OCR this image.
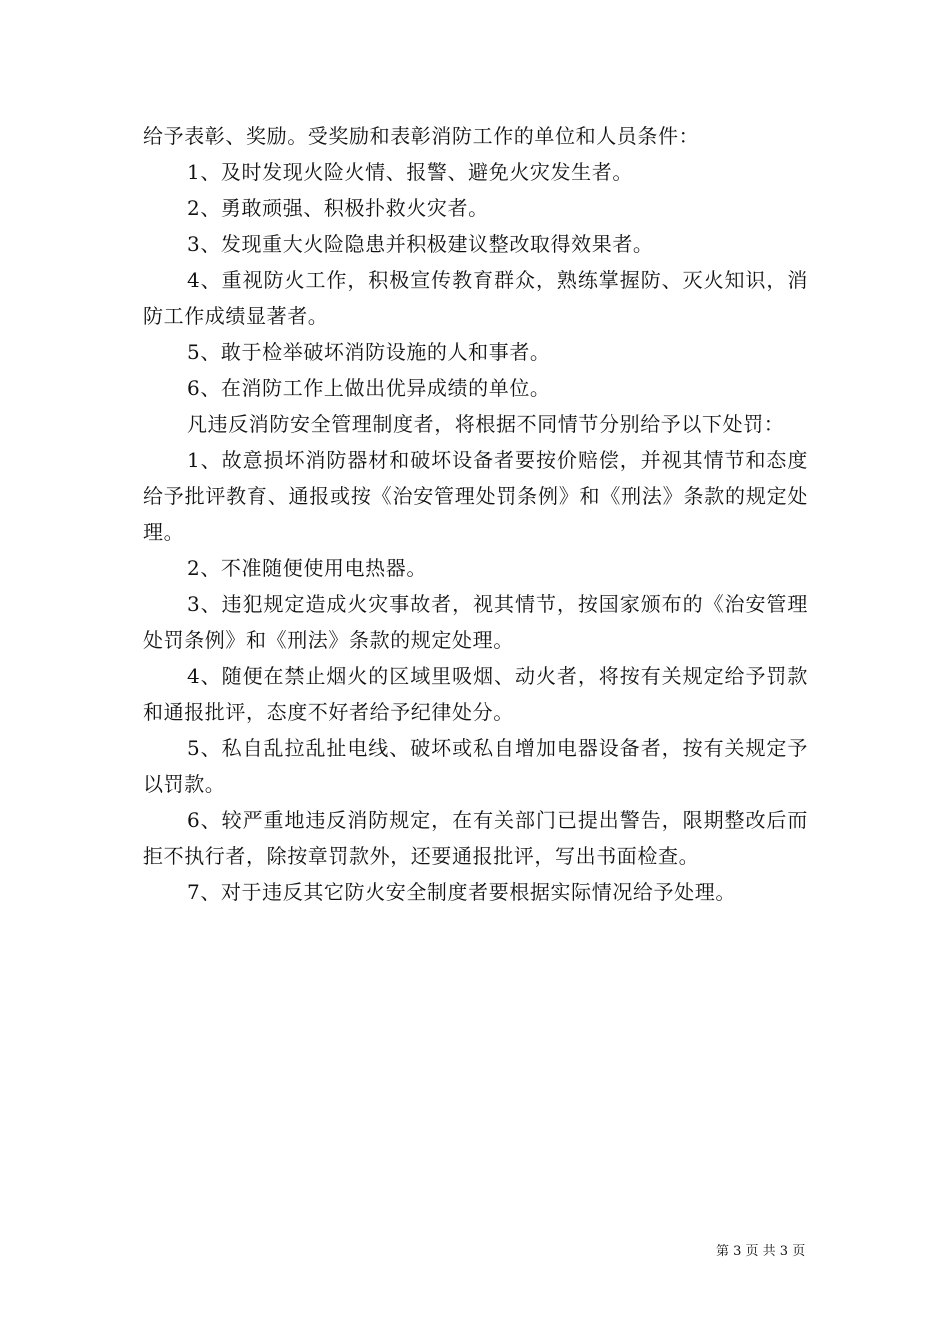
给予表彰、奖励。受奖励和表彰消防工作的单位和人员条件：

1、及时发现火险火情、报警、避免火灾发生者。

2、勇敢顽强、积极扑救火灾者。

3、发现重大火险隐患并积极建议整改取得效果者。

4、重视防火工作，积极宣传教育群众，熟练掌握防、灭火知识，消防工作成绩显著者。

5、敢于检举破坏消防设施的人和事者。

6、在消防工作上做出优异成绩的单位。

凡违反消防安全管理制度者，将根据不同情节分别给予以下处罚：

1、故意损坏消防器材和破坏设备者要按价赔偿，并视其情节和态度给予批评教育、通报或按《治安管理处罚条例》和《刑法》条款的规定处理。

2、不准随便使用电热器。

3、违犯规定造成火灾事故者，视其情节，按国家颁布的《治安管理处罚条例》和《刑法》条款的规定处理。

4、随便在禁止烟火的区域里吸烟、动火者，将按有关规定给予罚款和通报批评，态度不好者给予纪律处分。

5、私自乱拉乱扯电线、破坏或私自增加电器设备者，按有关规定予以罚款。

6、较严重地违反消防规定，在有关部门已提出警告，限期整改后而拒不执行者，除按章罚款外，还要通报批评，写出书面检查。

7、对于违反其它防火安全制度者要根据实际情况给予处理。

第 3 页 共 3 页
